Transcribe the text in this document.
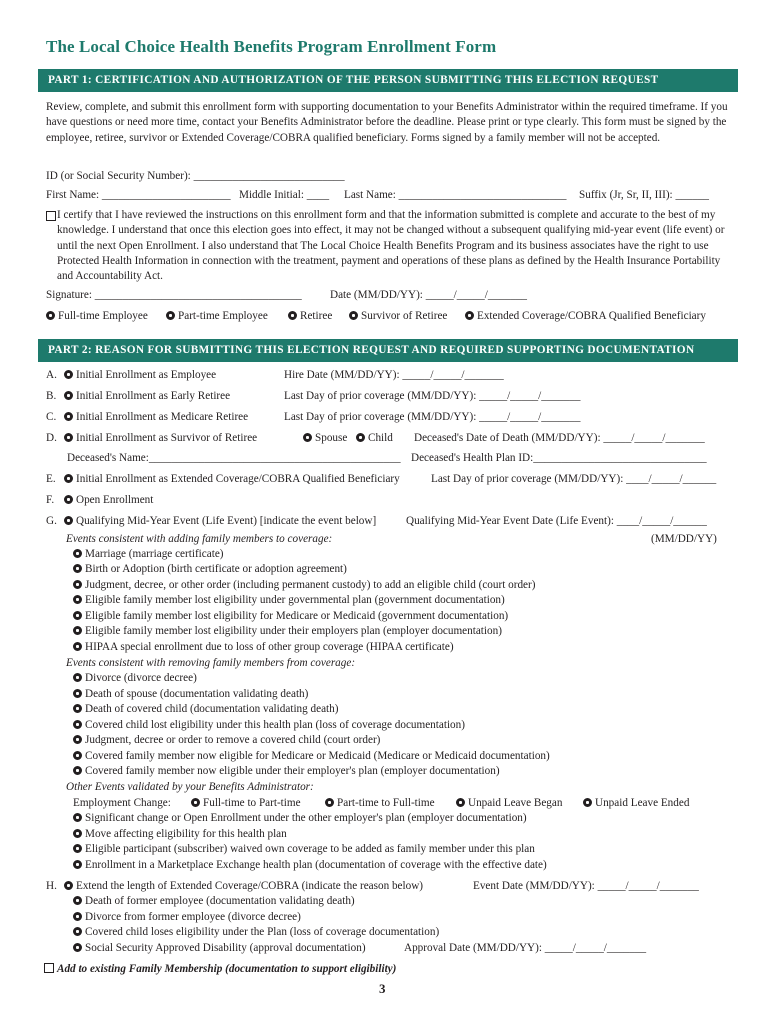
The Local Choice Health Benefits Program Enrollment Form
PART 1: CERTIFICATION AND AUTHORIZATION OF THE PERSON SUBMITTING THIS ELECTION REQUEST
Review, complete, and submit this enrollment form with supporting documentation to your Benefits Administrator within the required timeframe. If you have questions or need more time, contact your Benefits Administrator before the deadline. Please print or type clearly. This form must be signed by the employee, retiree, survivor or Extended Coverage/COBRA qualified beneficiary. Forms signed by a family member will not be accepted.
ID (or Social Security Number): ___________________________
First Name: _______________________ Middle Initial: ____ Last Name: ______________________________ Suffix (Jr, Sr, II, III): ______
I certify that I have reviewed the instructions on this enrollment form and that the information submitted is complete and accurate to the best of my knowledge. I understand that once this election goes into effect, it may not be changed without a subsequent qualifying mid-year event (life event) or until the next Open Enrollment. I also understand that The Local Choice Health Benefits Program and its business associates have the right to use Protected Health Information in connection with the treatment, payment and operations of these plans as defined by the Health Insurance Portability and Accountability Act.
Signature: _____________________________________	Date (MM/DD/YY): _____/_____/_______
Full-time Employee	Part-time Employee	Retiree	Survivor of Retiree	Extended Coverage/COBRA Qualified Beneficiary
PART 2: REASON FOR SUBMITTING THIS ELECTION REQUEST AND REQUIRED SUPPORTING DOCUMENTATION
A.	Initial Enrollment as Employee	Hire Date (MM/DD/YY): _____/_____/_______
B.	Initial Enrollment as Early Retiree	Last Day of prior coverage (MM/DD/YY): _____/_____/_______
C.	Initial Enrollment as Medicare Retiree	Last Day of prior coverage (MM/DD/YY): _____/_____/_______
D.	Initial Enrollment as Survivor of Retiree	Spouse	Child Deceased's Date of Death (MM/DD/YY): _____/_____/_______
Deceased's Name:_____________________________________________ Deceased's Health Plan ID:_______________________________
E.	Initial Enrollment as Extended Coverage/COBRA Qualified Beneficiary	Last Day of prior coverage (MM/DD/YY): ____/_____/______
F.	Open Enrollment
G.	Qualifying Mid-Year Event (Life Event) [indicate the event below]	Qualifying Mid-Year Event Date (Life Event): ____/_____/______
Events consistent with adding family members to coverage:	(MM/DD/YY)
Marriage (marriage certificate)
Birth or Adoption (birth certificate or adoption agreement)
Judgment, decree, or other order (including permanent custody) to add an eligible child (court order)
Eligible family member lost eligibility under governmental plan (government documentation)
Eligible family member lost eligibility for Medicare or Medicaid (government documentation)
Eligible family member lost eligibility under their employers plan (employer documentation)
HIPAA special enrollment due to loss of other group coverage (HIPAA certificate)
Events consistent with removing family members from coverage:
Divorce (divorce decree)
Death of spouse (documentation validating death)
Death of covered child (documentation validating death)
Covered child lost eligibility under this health plan (loss of coverage documentation)
Judgment, decree or order to remove a covered child (court order)
Covered family member now eligible for Medicare or Medicaid (Medicare or Medicaid documentation)
Covered family member now eligible under their employer's plan (employer documentation)
Other Events validated by your Benefits Administrator:
Employment Change:	Full-time to Part-time	Part-time to Full-time	Unpaid Leave Began	Unpaid Leave Ended
Significant change or Open Enrollment under the other employer's plan (employer documentation)
Move affecting eligibility for this health plan
Eligible participant (subscriber) waived own coverage to be added as family member under this plan
Enrollment in a Marketplace Exchange health plan (documentation of coverage with the effective date)
H.	Extend the length of Extended Coverage/COBRA (indicate the reason below)	Event Date (MM/DD/YY): _____/_____/_______
Death of former employee (documentation validating death)
Divorce from former employee (divorce decree)
Covered child loses eligibility under the Plan (loss of coverage documentation)
Social Security Approved Disability (approval documentation)	Approval Date (MM/DD/YY): _____/_____/_______
Add to existing Family Membership (documentation to support eligibility)
3
